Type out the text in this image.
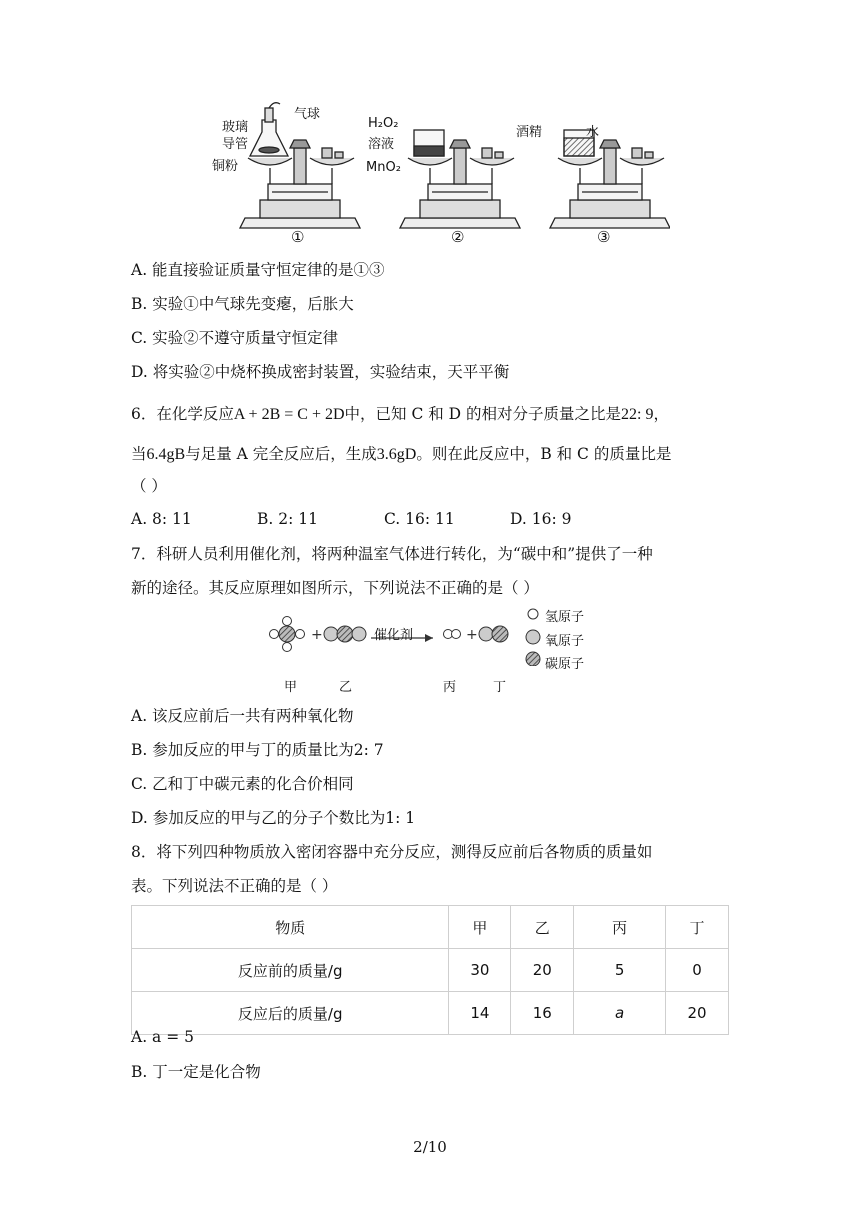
玻璃
导管
铜粉
气球
H₂O₂
溶液
MnO₂
酒精	水
①	②	③
A. 能直接验证质量守恒定律的是①③
B. 实验①中气球先变瘪，后胀大
C. 实验②不遵守质量守恒定律
D. 将实验②中烧杯换成密封装置，实验结束，天平平衡
6．在化学反应A + 2B = C + 2D中，已知 C 和 D 的相对分子质量之比是22: 9，
当6.4gB与足量 A 完全反应后，生成3.6gD。则在此反应中，B 和 C 的质量比是
（ ）
A. 8: 11	B. 2: 11	C. 16: 11	D. 16: 9
7．科研人员利用催化剂，将两种温室气体进行转化，为“碳中和”提供了一种
新的途径。其反应原理如图所示，下列说法不正确的是（ ）
+	+
催化剂
甲	乙	丙	丁
氢原子
氧原子
碳原子
A. 该反应前后一共有两种氧化物
B. 参加反应的甲与丁的质量比为2: 7
C. 乙和丁中碳元素的化合价相同
D. 参加反应的甲与乙的分子个数比为1: 1
8．将下列四种物质放入密闭容器中充分反应，测得反应前后各物质的质量如
表。下列说法不正确的是（ ）
物质	甲	乙	丙	丁
反应前的质量/g	30	20	5	0
反应后的质量/g	14	16	a	20
A. a = 5
B. 丁一定是化合物
2/10
